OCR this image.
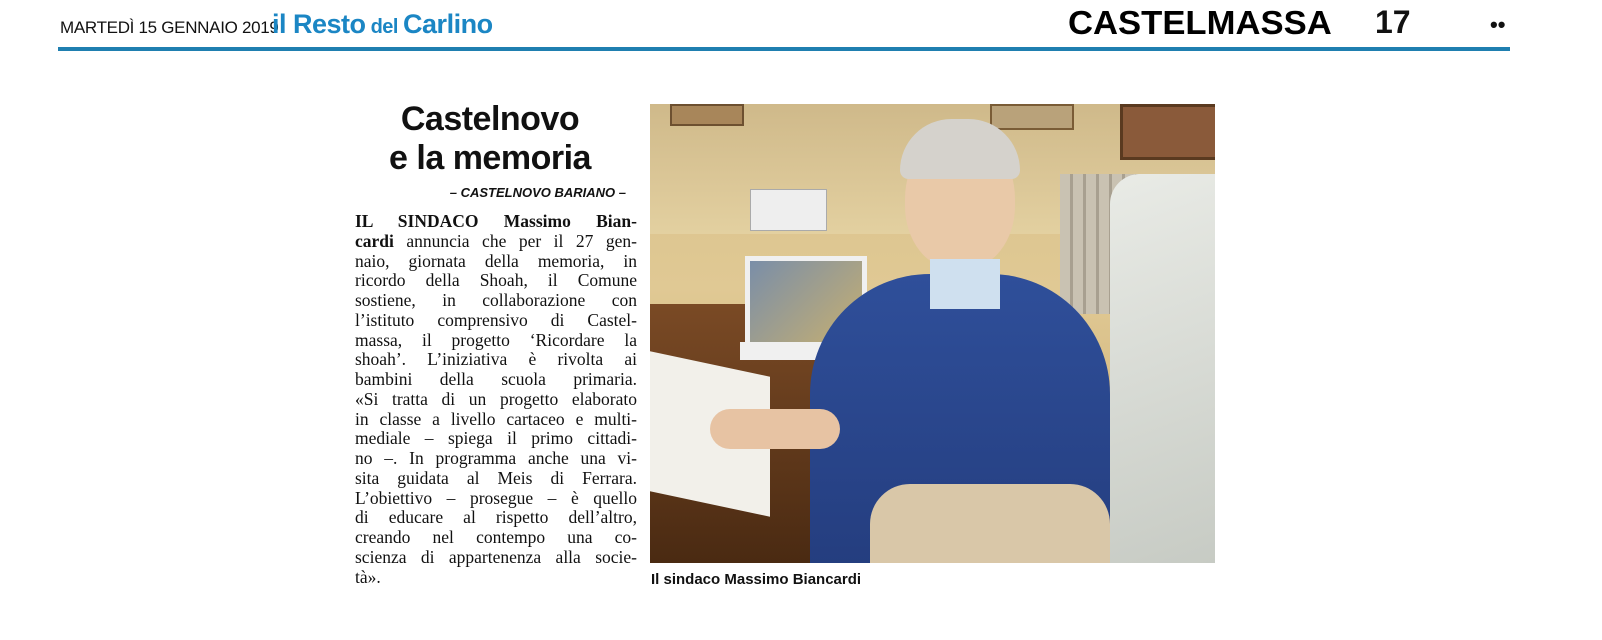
MARTEDÌ 15 GENNAIO 2019
il Resto del Carlino	CASTELMASSA 17	••
Castelnovo
e la memoria
– CASTELNOVO BARIANO –
IL SINDACO Massimo Bian-
cardi annuncia che per il 27 gen-
naio, giornata della memoria, in
ricordo della Shoah, il Comune
sostiene, in collaborazione con
l’istituto comprensivo di Castel-
massa, il progetto ‘Ricordare la
shoah’. L’iniziativa è rivolta ai
bambini della scuola primaria.
«Si tratta di un progetto elaborato
in classe a livello cartaceo e multi-
mediale – spiega il primo cittadi-
no –. In programma anche una vi-
sita guidata al Meis di Ferrara.
L’obiettivo – prosegue – è quello
di educare al rispetto dell’altro,
creando nel contempo una co-
scienza di appartenenza alla socie-
tà».	Il sindaco Massimo Biancardi
